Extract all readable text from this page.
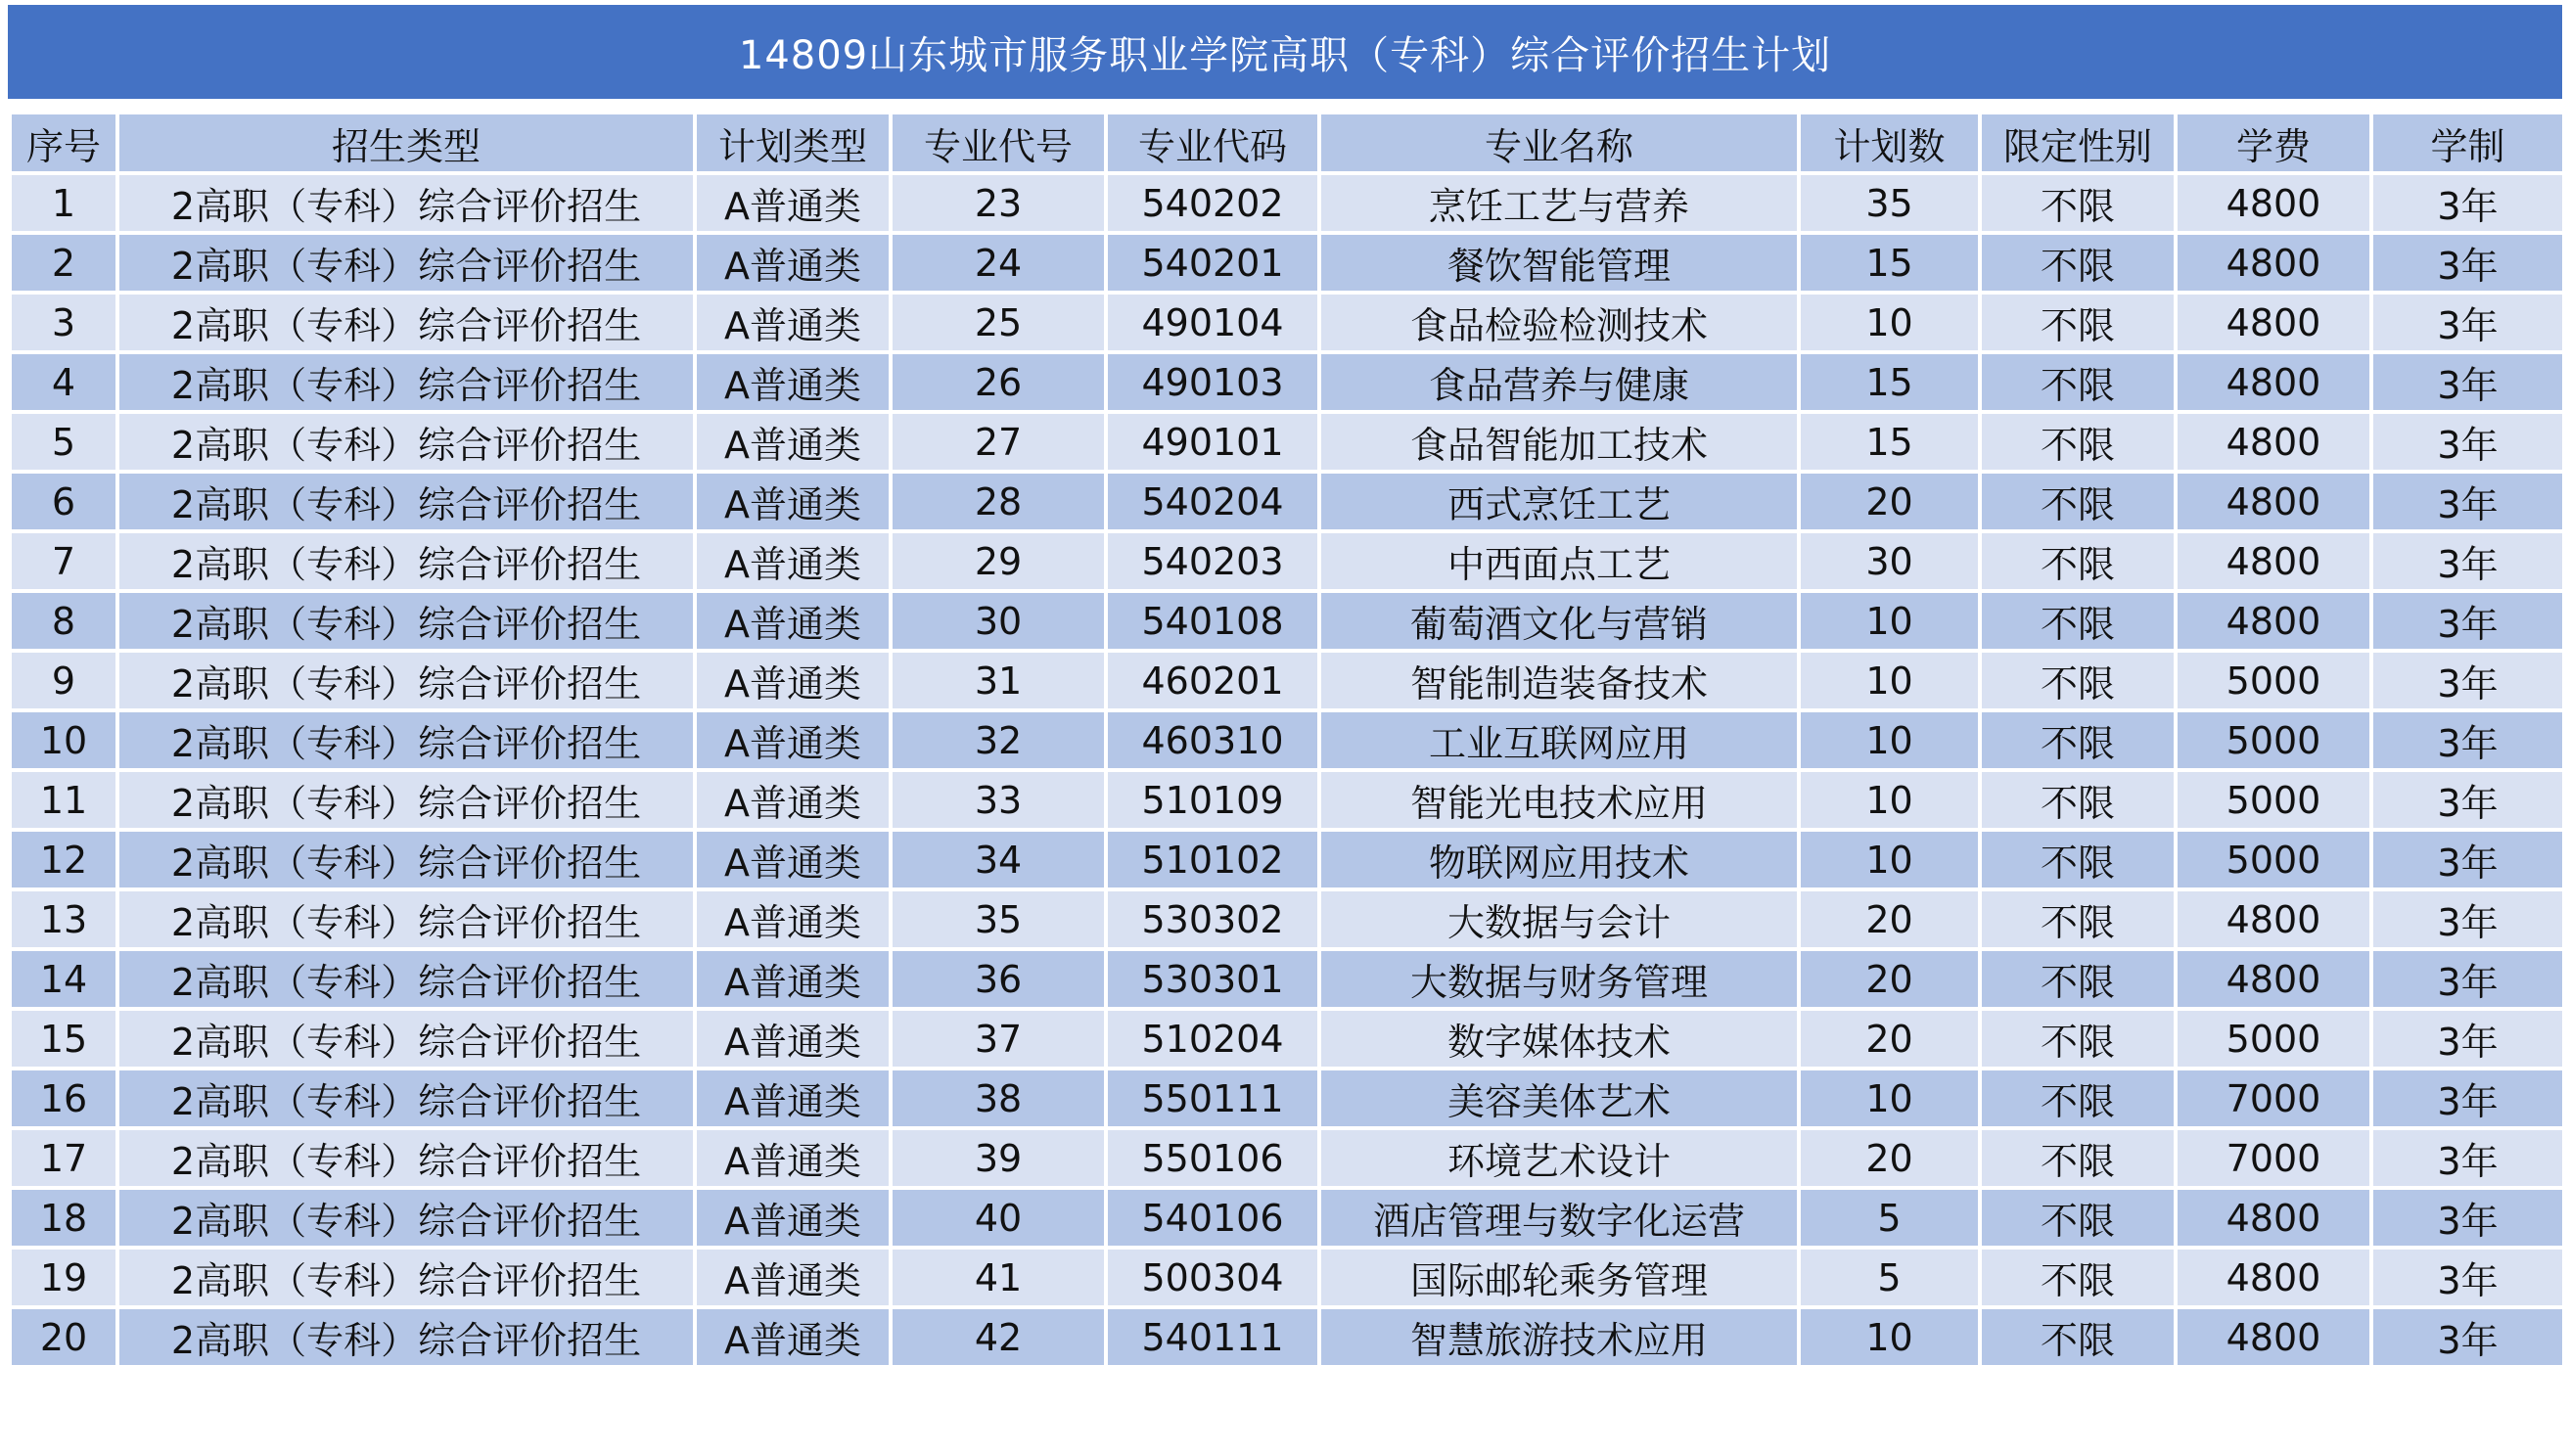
14809山东城市服务职业学院高职（专科）综合评价招生计划
序号	招生类型	计划类型	专业代号	专业代码	专业名称	计划数	限定性别	学费	学制
1	2高职（专科）综合评价招生	A普通类	23	540202	烹饪工艺与营养	35	不限	4800	3年
2	2高职（专科）综合评价招生	A普通类	24	540201	餐饮智能管理	15	不限	4800	3年
3	2高职（专科）综合评价招生	A普通类	25	490104	食品检验检测技术	10	不限	4800	3年
4	2高职（专科）综合评价招生	A普通类	26	490103	食品营养与健康	15	不限	4800	3年
5	2高职（专科）综合评价招生	A普通类	27	490101	食品智能加工技术	15	不限	4800	3年
6	2高职（专科）综合评价招生	A普通类	28	540204	西式烹饪工艺	20	不限	4800	3年
7	2高职（专科）综合评价招生	A普通类	29	540203	中西面点工艺	30	不限	4800	3年
8	2高职（专科）综合评价招生	A普通类	30	540108	葡萄酒文化与营销	10	不限	4800	3年
9	2高职（专科）综合评价招生	A普通类	31	460201	智能制造装备技术	10	不限	5000	3年
10	2高职（专科）综合评价招生	A普通类	32	460310	工业互联网应用	10	不限	5000	3年
11	2高职（专科）综合评价招生	A普通类	33	510109	智能光电技术应用	10	不限	5000	3年
12	2高职（专科）综合评价招生	A普通类	34	510102	物联网应用技术	10	不限	5000	3年
13	2高职（专科）综合评价招生	A普通类	35	530302	大数据与会计	20	不限	4800	3年
14	2高职（专科）综合评价招生	A普通类	36	530301	大数据与财务管理	20	不限	4800	3年
15	2高职（专科）综合评价招生	A普通类	37	510204	数字媒体技术	20	不限	5000	3年
16	2高职（专科）综合评价招生	A普通类	38	550111	美容美体艺术	10	不限	7000	3年
17	2高职（专科）综合评价招生	A普通类	39	550106	环境艺术设计	20	不限	7000	3年
18	2高职（专科）综合评价招生	A普通类	40	540106	酒店管理与数字化运营	5	不限	4800	3年
19	2高职（专科）综合评价招生	A普通类	41	500304	国际邮轮乘务管理	5	不限	4800	3年
20	2高职（专科）综合评价招生	A普通类	42	540111	智慧旅游技术应用	10	不限	4800	3年
